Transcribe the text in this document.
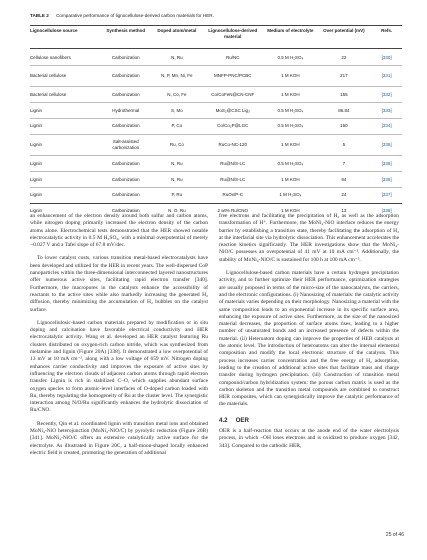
TABLE 2 Comparative performance of lignocellulose-derived carbon materials for HER.
Lignocellulose source	Synthesis method	Doped atom/metal	Lignocellulose-derived material	Medium of electrolyte	Over potential (mV)	Refs.
Cellulose nanofibers	Carbonization	N, Ru	Ru/NC	0.5 M H₂SO₄	22	[330]
Bacterial cellulose	Carbonization	N, P, Mn, Ni, Fe	MNFP-PNC/PCBC	1 M KOH	217	[331]
Bacterial cellulose	Carbonization	N, Co, Fe	Co/CoFeN@CN-CNF	1 M KOH	155	[332]
Lignin	Hydrothermal	S, Mo	MoS₂@CSC Lig₃	0.5 M H₂SO₄	86.84	[333]
Lignin	Carbonization	P, Co	Co/Co₂P@LGC	0.5 M H₂SO₄	150	[334]
Lignin	Salt-assisted carbonization	Ru, Co	RuCo-NC-120	1 M KOH	5	[335]
Lignin	Carbonization	N, Ru	Ru@N/S-LC	0.5 M H₂SO₄	7	[336]
Lignin	Carbonization	N, Ru	Ru@N/S-LC	1 M KOH	94	[336]
Lignin	Carbonization	P, Ru	RuOx/P-C	1 M H₂SO₄	24	[337]
Lignin	Carbonization	N, O, Ru	2 wt% Ru/CNO	1 M KOH	13	[338]

an enhancement of the electron density around both sulfur and carbon atoms, while nitrogen doping primarily increased the electron density of the carbon atoms alone. Electrochemical tests demonstrated that the HER showed notable electrocatalytic activity in 0.5 M H₂SO₄, with a minimal overpotential of merely −0.027 V and a Tafel slope of 67.8 mV/dec.

To lower catalyst costs, various transition metal-based electrocatalysts have been developed and utilized for the HER in recent years. The well-dispersed CoP nanoparticles within the three-dimensional interconnected layered nanostructures offer numerous active sites, facilitating rapid electron transfer [340]. Furthermore, the macropores in the catalysts enhance the accessibility of reactants to the active sites while also markedly increasing the generated H₂ diffusion, thereby minimizing the accumulation of H₂ bubbles on the catalyst surface.

Lignocellulosic-based carbon materials prepared by modification or in situ doping and calcination have favorable electrical conductivity and HER electrocatalytic activity. Wang et al. developed an HER catalyst featuring Ru clusters distributed on oxygen-rich carbon nitride, which was synthesized from melamine and lignin (Figure 20A) [338]. It demonstrated a low overpotential of 13 mV at 10 mA cm⁻², along with a low voltage of 659 mV. Nitrogen doping enhances carrier conductivity and improves the exposure of active sites by influencing the electron clouds of adjacent carbon atoms through rapid electron transfer. Lignin is rich in stabilized C–O, which supplies abundant surface oxygen species to form atomic-level interfaces of O-doped carbon loaded with Ru, thereby regulating the homogeneity of Ru at the cluster level. The synergistic interaction among N/O/Ru significantly enhances the hydrolytic dissociation of Ru/CNO.

Recently, Qin et al. coordinated lignin with transition metal ions and obtained MoNi₄-NiO heterojunction (MoNi₄-NiO/C) by pyrolytic reduction (Figure 20B) [341]. MoNi₄-NiO/C offers an extensive catalytically active surface for the electrolyte. As illustrated in Figure 20C, a half-moon-shaped locally enhanced electric field is created, promoting the generation of additional

free electrons and facilitating the precipitation of H₂ as well as the adsorption transformation of H⁺. Furthermore, the MoNi₄-NiO interface reduces the energy barrier by establishing a transition state, thereby facilitating the adsorption of H₂ at the interfacial site via hydrolytic dissociation. This enhancement accelerates the reaction kinetics significantly. The HER investigations show that the MoNi₄-NiO/C possesses an overpotential of 41 mV at 10 mA cm⁻². Additionally, the stability of MoNi₄-NiO/C is sustained for 100 h at 100 mA cm⁻².

Lignocellulose-based carbon materials have a certain hydrogen precipitation activity, and to further optimize their HER performance, optimization strategies are usually proposed in terms of the micro-size of the nanocatalysts, the carriers, and the electronic configurations. (i) Nanosizing of materials: the catalytic activity of materials varies depending on their morphology. Nanosizing a material with the same composition leads to an exponential increase in its specific surface area, enhancing the exposure of active sites. Furthermore, as the size of the nanosized material decreases, the proportion of surface atoms rises, leading to a higher number of unsaturated bonds and an increased presence of defects within the material. (ii) Heteroatom doping can improve the properties of HER catalysts at the atomic level. The introduction of heteroatoms can alter the internal elemental composition and modify the local electronic structure of the catalysts. This process increases carrier concentration and the free energy of H₂ adsorption, leading to the creation of additional active sites that facilitate mass and charge transfer during hydrogen precipitation. (iii) Construction of transition metal compound/carbon hybridization system: the porous carbon matrix is used as the carbon skeleton and the transition metal compounds are combined to construct HER composites, which can synergistically improve the catalytic performance of the materials.

4.2 OER

OER is a half-reaction that occurs at the anode end of the water electrolysis process, in which –OH loses electrons and is oxidized to produce oxygen [342, 343]. Compared to the cathodic HER,

25 of 46
